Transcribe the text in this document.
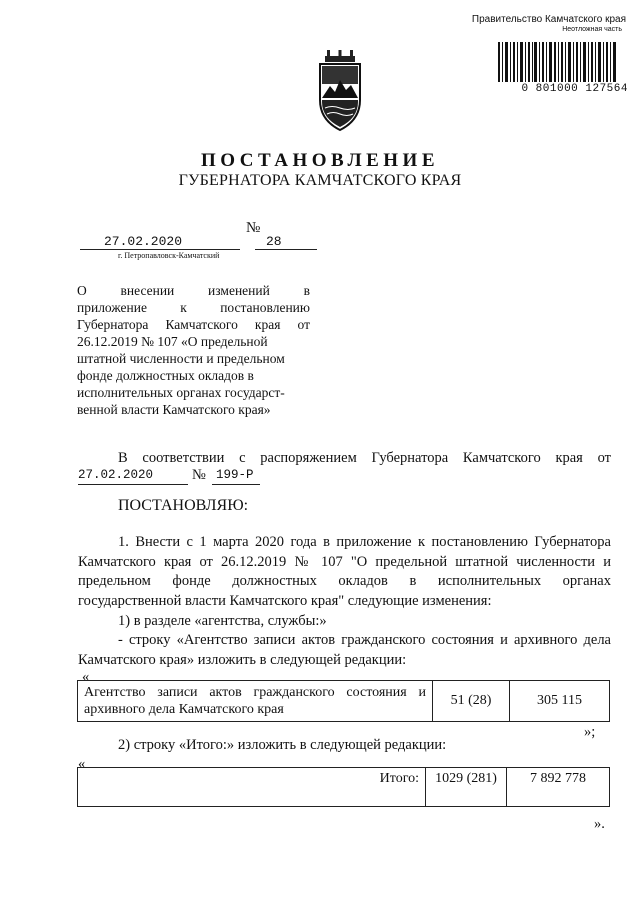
Правительство Камчатского края
Неотложная часть
0 801000 127564
ПОСТАНОВЛЕНИЕ
ГУБЕРНАТОРА КАМЧАТСКОГО КРАЯ
27.02.2020
г. Петропавловск-Камчатский
№
28
О внесении изменений в
приложение к постановлению
Губернатора Камчатского края от
26.12.2019 № 107 «О предельной
штатной численности и предельном
фонде должностных окладов в
исполнительных органах государст-
венной власти Камчатского края»
В соответствии с распоряжением Губернатора Камчатского края от
27.02.2020	№ 199-Р
ПОСТАНОВЛЯЮ:
1. Внести с 1 марта 2020 года в приложение к постановлению Губернатора
Камчатского края от 26.12.2019 № 107 "О предельной штатной численности и
предельном фонде должностных окладов в исполнительных органах
государственной власти Камчатского края" следующие изменения:
1) в разделе «агентства, службы:»
- строку «Агентство записи актов гражданского состояния и архивного дела
Камчатского края» изложить в следующей редакции:
«
Агентство записи актов гражданского состояния и
архивного дела Камчатского края
	51 (28)	305 115
»;
2) строку «Итого:» изложить в следующей редакции:
«
Итого:	1029 (281)	7 892 778
».
